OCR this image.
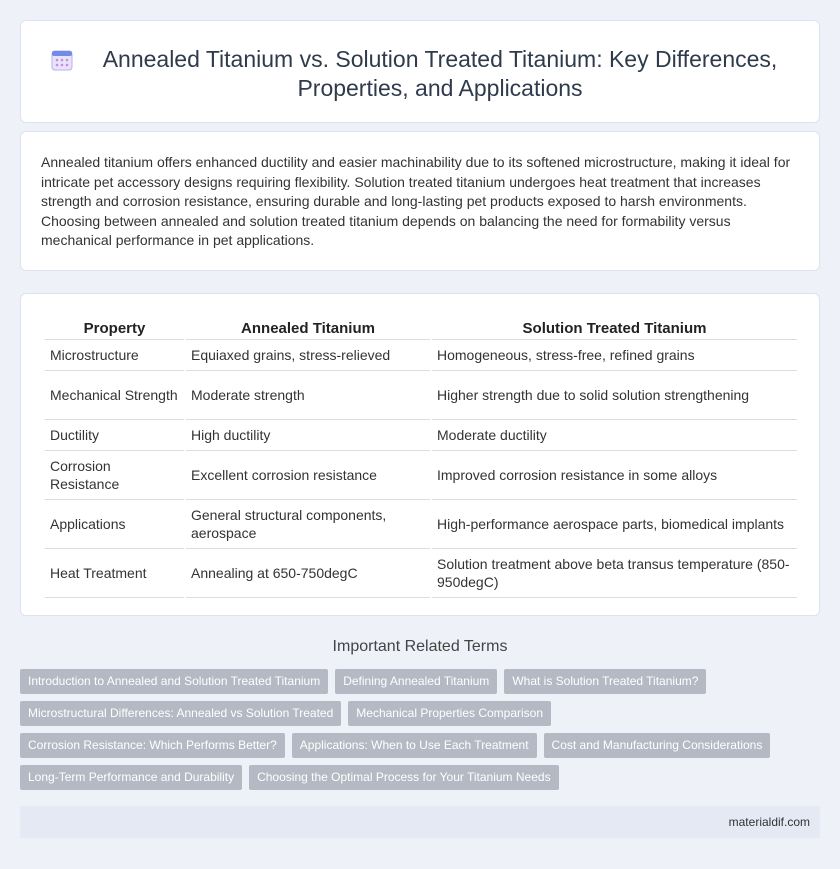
Annealed Titanium vs. Solution Treated Titanium: Key Differences, Properties, and Applications

Annealed titanium offers enhanced ductility and easier machinability due to its softened microstructure, making it ideal for intricate pet accessory designs requiring flexibility. Solution treated titanium undergoes heat treatment that increases strength and corrosion resistance, ensuring durable and long-lasting pet products exposed to harsh environments. Choosing between annealed and solution treated titanium depends on balancing the need for formability versus mechanical performance in pet applications.

Property	Annealed Titanium	Solution Treated Titanium
Microstructure	Equiaxed grains, stress-relieved	Homogeneous, stress-free, refined grains
Mechanical Strength	Moderate strength	Higher strength due to solid solution strengthening
Ductility	High ductility	Moderate ductility
Corrosion Resistance	Excellent corrosion resistance	Improved corrosion resistance in some alloys
Applications	General structural components, aerospace	High-performance aerospace parts, biomedical implants
Heat Treatment	Annealing at 650-750degC	Solution treatment above beta transus temperature (850-950degC)
Important Related Terms
Introduction to Annealed and Solution Treated Titanium	Defining Annealed Titanium	What is Solution Treated Titanium?
Microstructural Differences: Annealed vs Solution Treated	Mechanical Properties Comparison
Corrosion Resistance: Which Performs Better?	Applications: When to Use Each Treatment	Cost and Manufacturing Considerations
Long-Term Performance and Durability	Choosing the Optimal Process for Your Titanium Needs
materialdif.com
